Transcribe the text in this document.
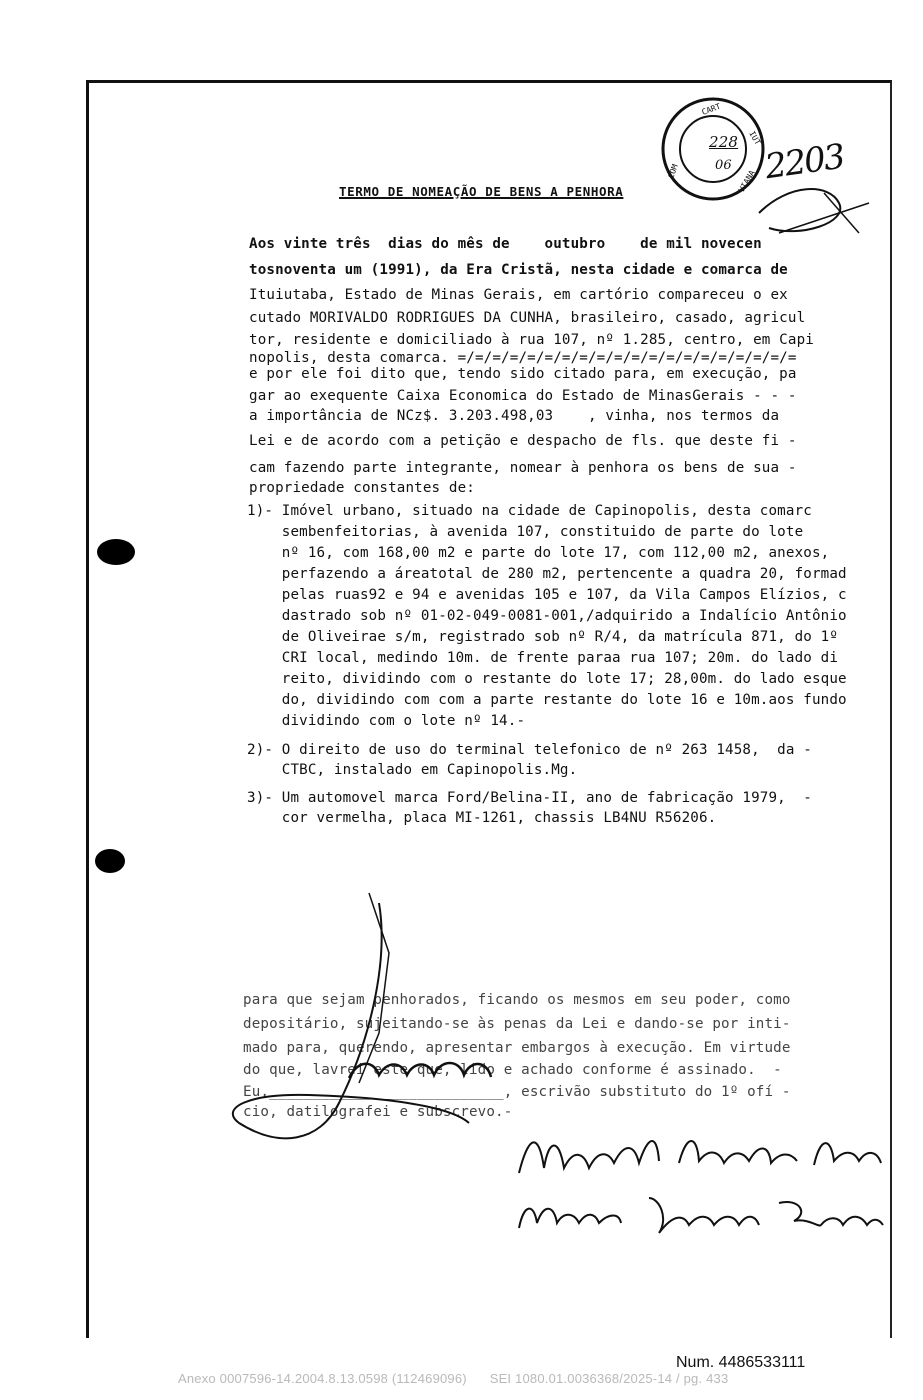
CART
COM	VIANA
IUT
228
06 2203
TERMO DE NOMEAÇÃO DE BENS A PENHORA
Aos vinte três  dias do mês de    outubro    de mil novecen
tosnoventa um (1991), da Era Cristã, nesta cidade e comarca de
Ituiutaba, Estado de Minas Gerais, em cartório compareceu o ex
cutado MORIVALDO RODRIGUES DA CUNHA, brasileiro, casado, agricul
tor, residente e domiciliado à rua 107, nº 1.285, centro, em Capi
nopolis, desta comarca. =/=/=/=/=/=/=/=/=/=/=/=/=/=/=/=/=/=/=/=
e por ele foi dito que, tendo sido citado para, em execução, pa
gar ao exequente Caixa Economica do Estado de MinasGerais - - -
a importância de NCz$. 3.203.498,03    , vinha, nos termos da
Lei e de acordo com a petição e despacho de fls. que deste fi -
cam fazendo parte integrante, nomear à penhora os bens de sua -
propriedade constantes de:
1)- Imóvel urbano, situado na cidade de Capinopolis, desta comarc
sembenfeitorias, à avenida 107, constituido de parte do lote
nº 16, com 168,00 m2 e parte do lote 17, com 112,00 m2, anexos,
perfazendo a áreatotal de 280 m2, pertencente a quadra 20, formad
pelas ruas92 e 94 e avenidas 105 e 107, da Vila Campos Elízios, c
dastrado sob nº 01-02-049-0081-001,/adquirido a Indalício Antônio
de Oliveirae s/m, registrado sob nº R/4, da matrícula 871, do 1º
CRI local, medindo 10m. de frente paraa rua 107; 20m. do lado di
reito, dividindo com o restante do lote 17; 28,00m. do lado esque
do, dividindo com com a parte restante do lote 16 e 10m.aos fundo
dividindo com o lote nº 14.-
2)- O direito de uso do terminal telefonico de nº 263 1458,  da -
CTBC, instalado em Capinopolis.Mg.
3)- Um automovel marca Ford/Belina-II, ano de fabricação 1979,  -
cor vermelha, placa MI-1261, chassis LB4NU R56206.
para que sejam penhorados, ficando os mesmos em seu poder, como
depositário, sujeitando-se às penas da Lei e dando-se por inti-
mado para, querendo, apresentar embargos à execução. Em virtude
do que, lavrei este que, lido e achado conforme é assinado.  -
Eu,___________________________, escrivão substituto do 1º ofí -
cio, datilografei e subscrevo.-
Num. 4486533111
Anexo 0007596-14.2004.8.13.0598 (112469096)      SEI 1080.01.0036368/2025-14 / pg. 433
